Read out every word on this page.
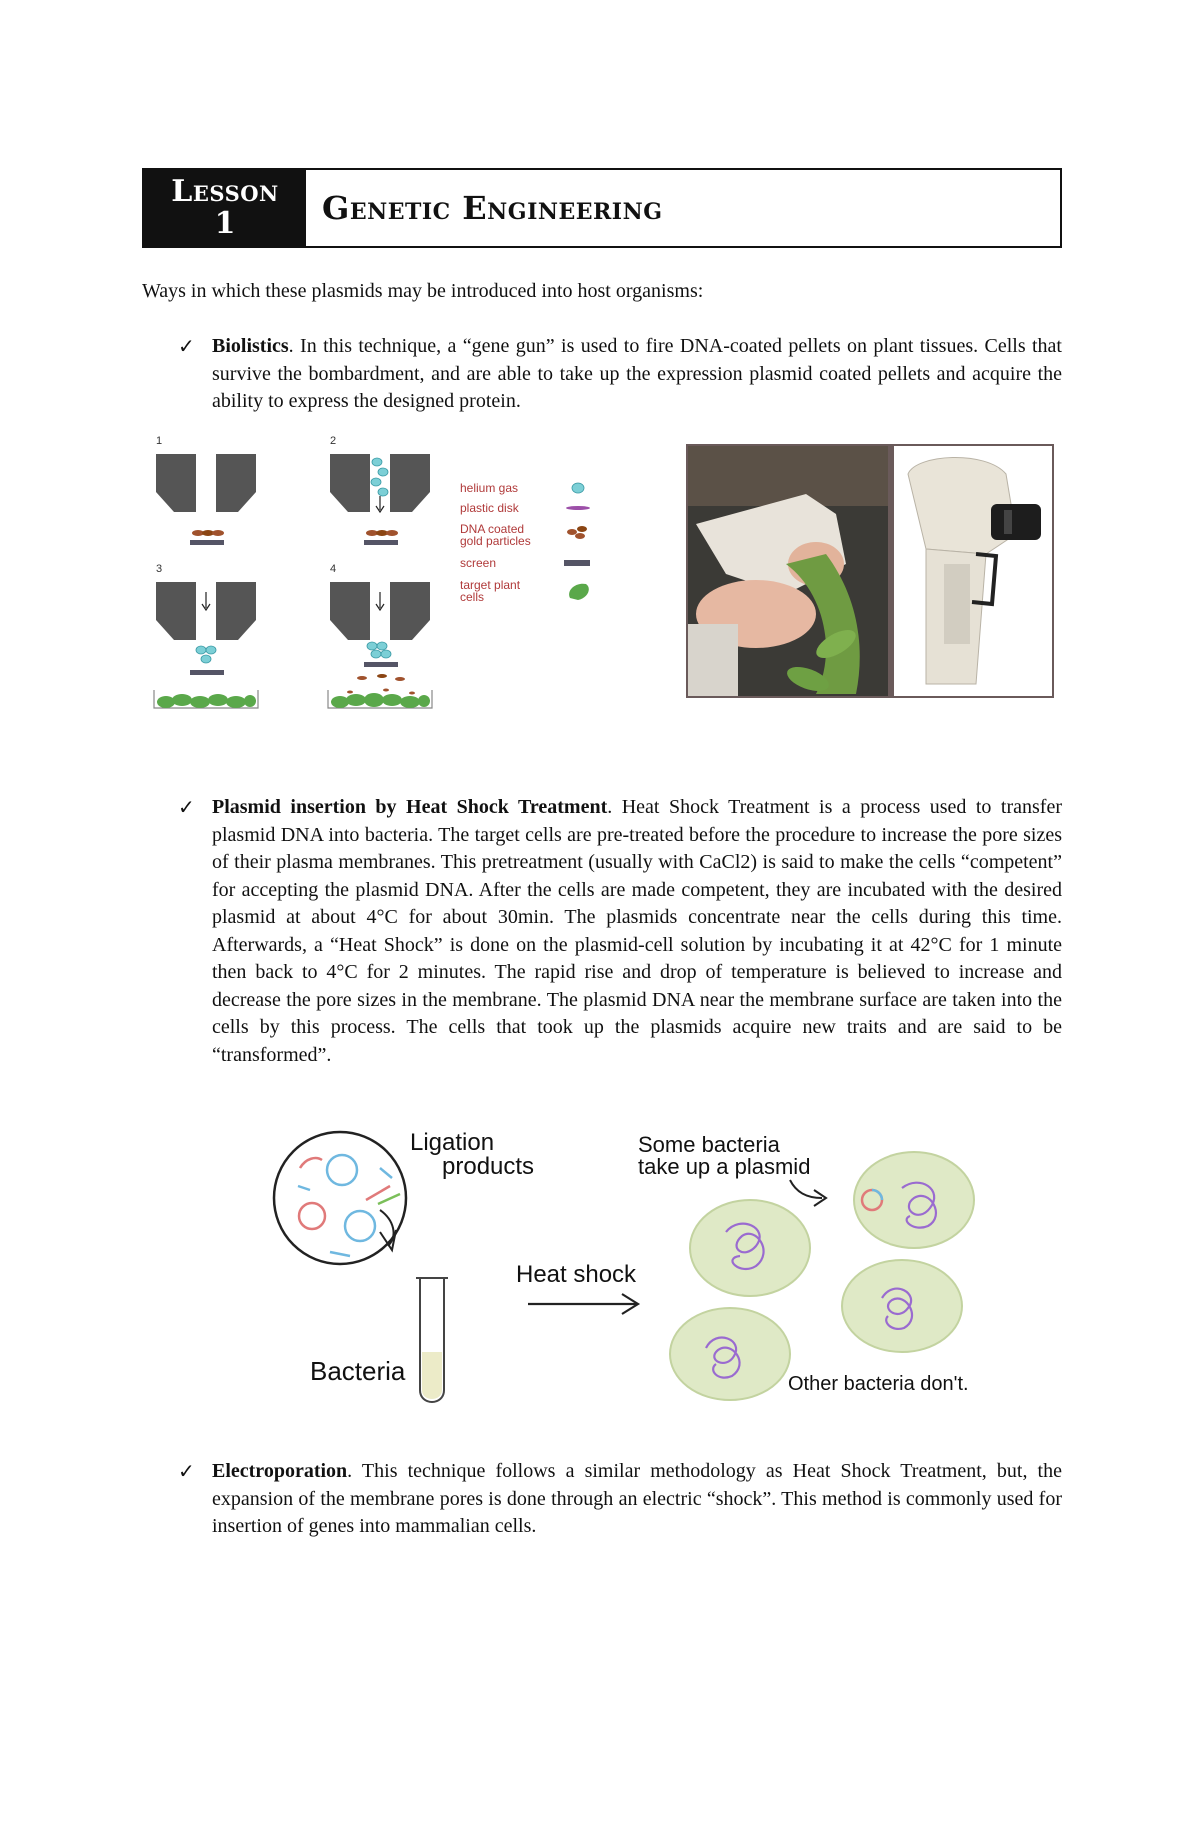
Lesson
1	Genetic Engineering
Ways in which these plasmids may be introduced into host organisms:
✓ Biolistics. In this technique, a “gene gun” is used to fire DNA-coated pellets on plant tissues. Cells that survive the bombardment, and are able to take up the expression plasmid coated pellets and acquire the ability to express the designed protein.
1	2
3	4
helium gas
plastic disk
DNA coated gold particles
screen
target plant cells
✓ Plasmid insertion by Heat Shock Treatment. Heat Shock Treatment is a process used to transfer plasmid DNA into bacteria. The target cells are pre-treated before the procedure to increase the pore sizes of their plasma membranes. This pretreatment (usually with CaCl2) is said to make the cells “competent” for accepting the plasmid DNA. After the cells are made competent, they are incubated with the desired plasmid at about 4°C for about 30min. The plasmids concentrate near the cells during this time. Afterwards, a “Heat Shock” is done on the plasmid-cell solution by incubating it at 42°C for 1 minute then back to 4°C for 2 minutes. The rapid rise and drop of temperature is believed to increase and decrease the pore sizes in the membrane. The plasmid DNA near the membrane surface are taken into the cells by this process. The cells that took up the plasmids acquire new traits and are said to be “transformed”.
Ligation products
Bacteria
Heat shock
Some bacteria take up a plasmid
Other bacteria don't.
✓ Electroporation. This technique follows a similar methodology as Heat Shock Treatment, but, the expansion of the membrane pores is done through an electric “shock”. This method is commonly used for insertion of genes into mammalian cells.
